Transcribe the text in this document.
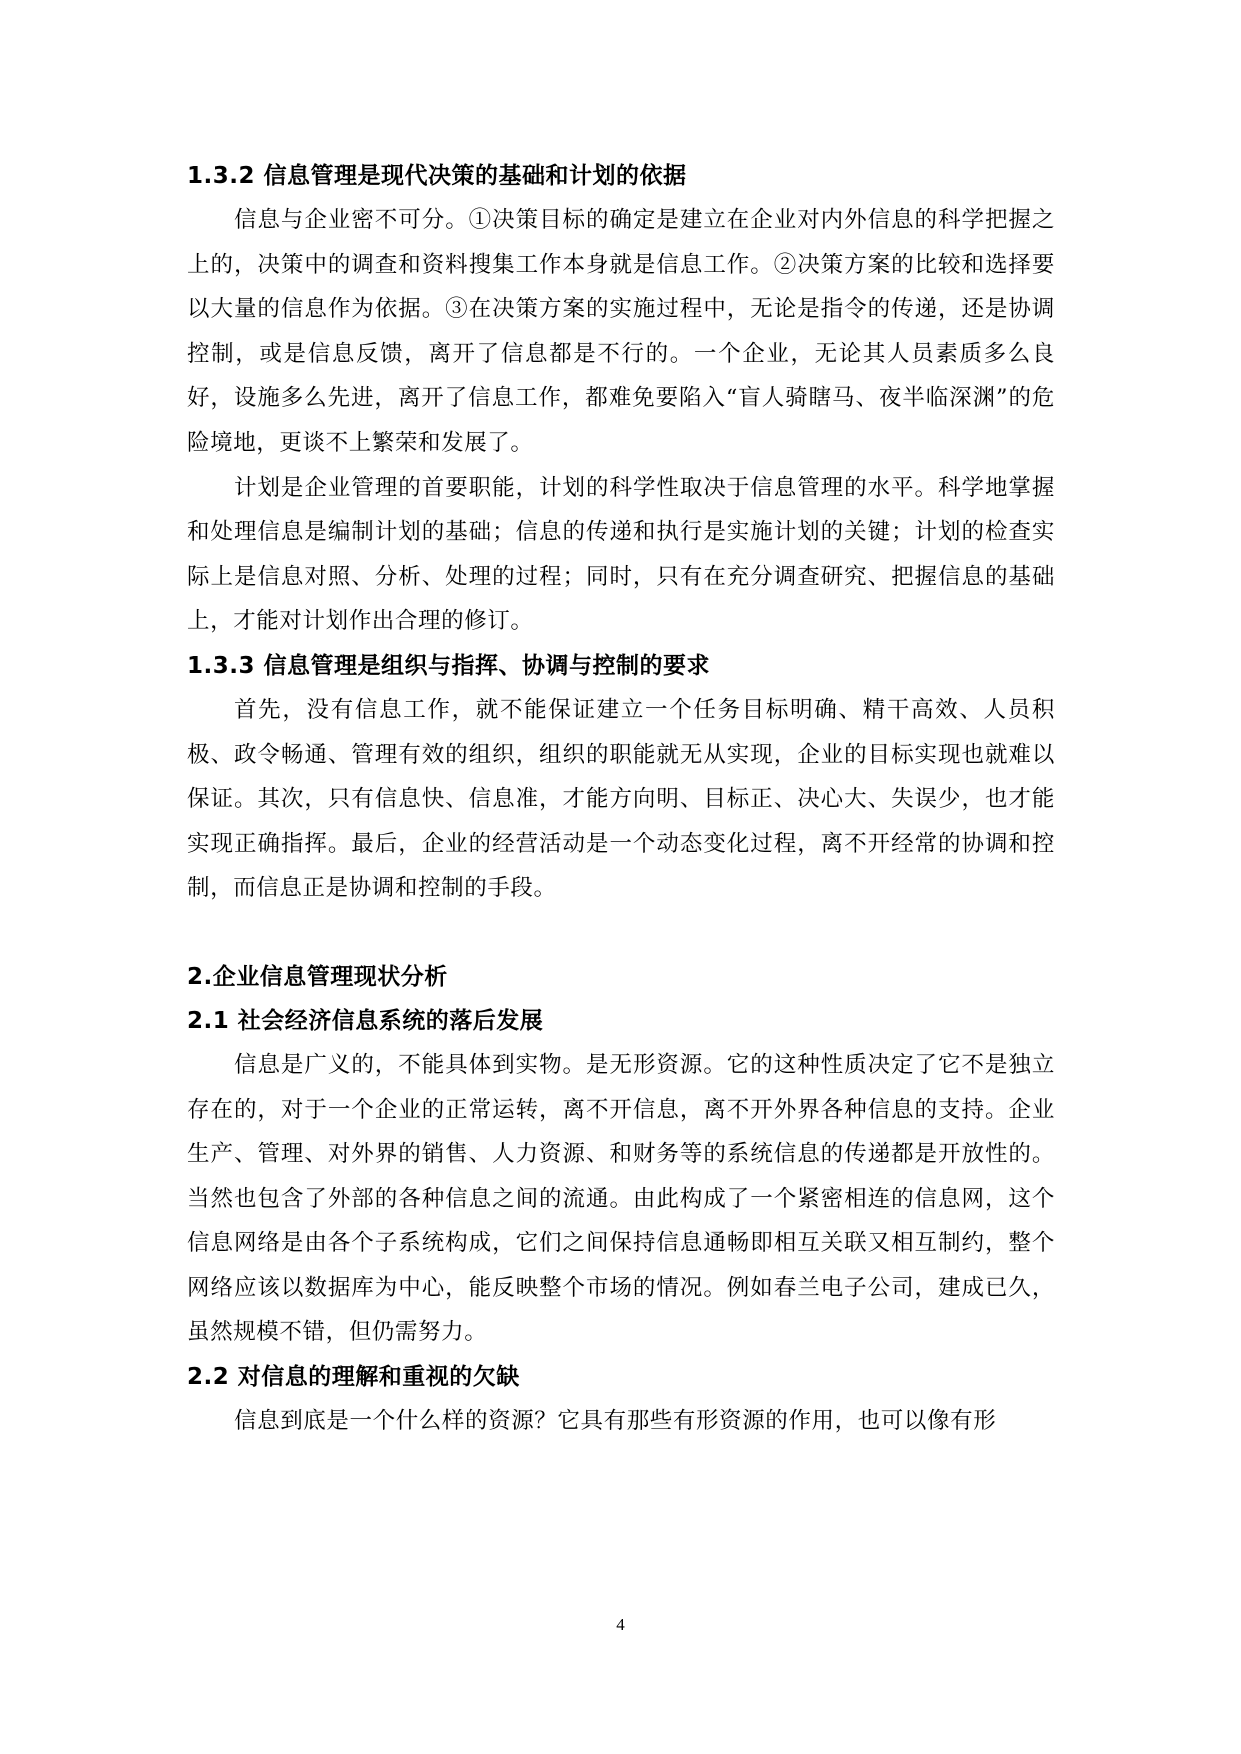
1.3.2 信息管理是现代决策的基础和计划的依据

信息与企业密不可分。①决策目标的确定是建立在企业对内外信息的科学把握之上的，决策中的调查和资料搜集工作本身就是信息工作。②决策方案的比较和选择要以大量的信息作为依据。③在决策方案的实施过程中，无论是指令的传递，还是协调控制，或是信息反馈，离开了信息都是不行的。一个企业，无论其人员素质多么良好，设施多么先进，离开了信息工作，都难免要陷入“盲人骑瞎马、夜半临深渊”的危险境地，更谈不上繁荣和发展了。

计划是企业管理的首要职能，计划的科学性取决于信息管理的水平。科学地掌握和处理信息是编制计划的基础；信息的传递和执行是实施计划的关键；计划的检查实际上是信息对照、分析、处理的过程；同时，只有在充分调查研究、把握信息的基础上，才能对计划作出合理的修订。

1.3.3 信息管理是组织与指挥、协调与控制的要求

首先，没有信息工作，就不能保证建立一个任务目标明确、精干高效、人员积极、政令畅通、管理有效的组织，组织的职能就无从实现，企业的目标实现也就难以保证。其次，只有信息快、信息准，才能方向明、目标正、决心大、失误少，也才能实现正确指挥。最后，企业的经营活动是一个动态变化过程，离不开经常的协调和控制，而信息正是协调和控制的手段。

2.企业信息管理现状分析
2.1 社会经济信息系统的落后发展

信息是广义的，不能具体到实物。是无形资源。它的这种性质决定了它不是独立存在的，对于一个企业的正常运转，离不开信息，离不开外界各种信息的支持。企业生产、管理、对外界的销售、人力资源、和财务等的系统信息的传递都是开放性的。当然也包含了外部的各种信息之间的流通。由此构成了一个紧密相连的信息网，这个信息网络是由各个子系统构成，它们之间保持信息通畅即相互关联又相互制约，整个网络应该以数据库为中心，能反映整个市场的情况。例如春兰电子公司，建成已久，虽然规模不错，但仍需努力。

2.2 对信息的理解和重视的欠缺

信息到底是一个什么样的资源？它具有那些有形资源的作用，也可以像有形

4
